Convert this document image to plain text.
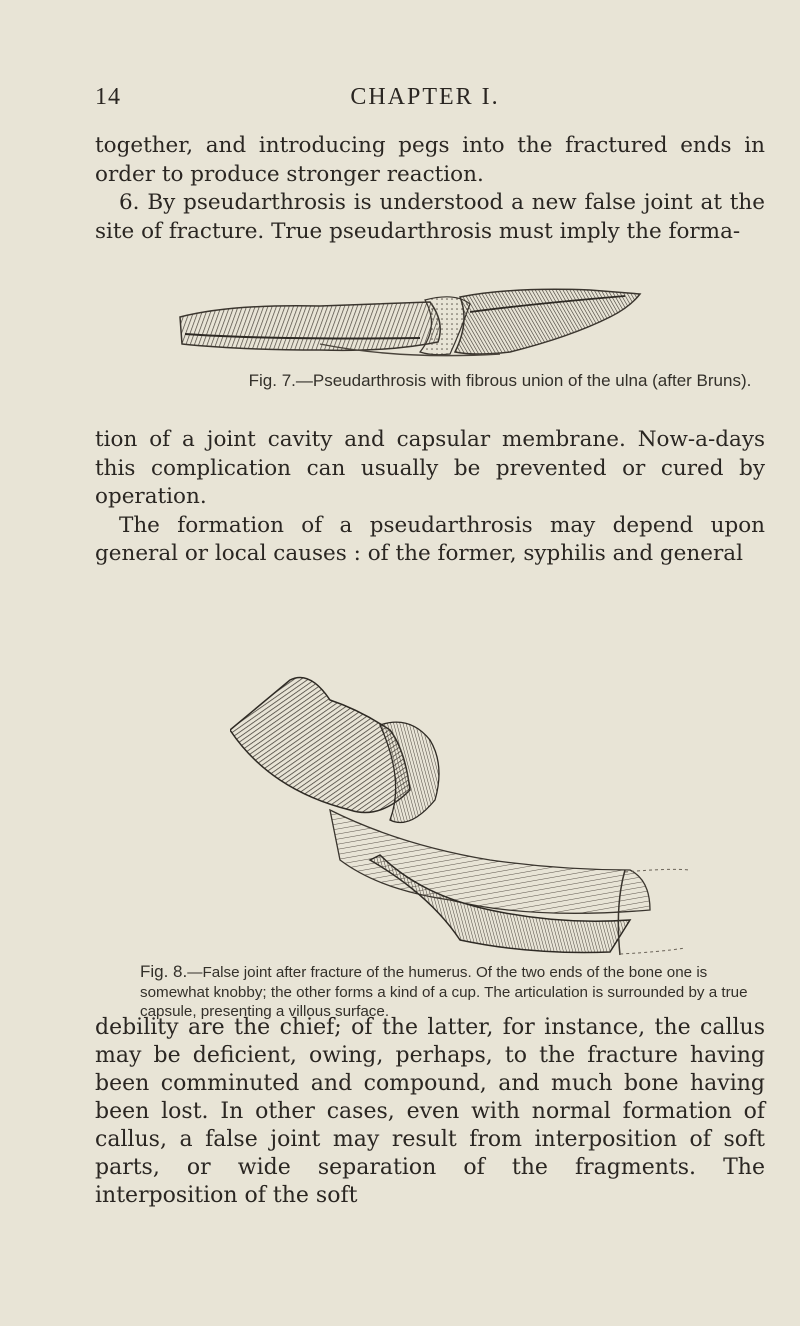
14	CHAPTER I.

together, and introducing pegs into the fractured ends in order to produce stronger reaction.

6. By pseudarthrosis is understood a new false joint at the site of fracture. True pseudarthrosis must imply the forma-

Fig. 7.—Pseudarthrosis with fibrous union of the ulna (after Bruns).

tion of a joint cavity and capsular membrane. Now-a-days this complication can usually be prevented or cured by operation.

The formation of a pseudarthrosis may depend upon general or local causes : of the former, syphilis and general

Fig. 8.—False joint after fracture of the humerus. Of the two ends of the bone one is somewhat knobby; the other forms a kind of a cup. The articulation is surrounded by a true capsule, presenting a villous surface.

debility are the chief; of the latter, for instance, the callus may be deficient, owing, perhaps, to the fracture having been comminuted and compound, and much bone having been lost. In other cases, even with normal formation of callus, a false joint may result from interposition of soft parts, or wide separation of the fragments. The interposition of the soft
